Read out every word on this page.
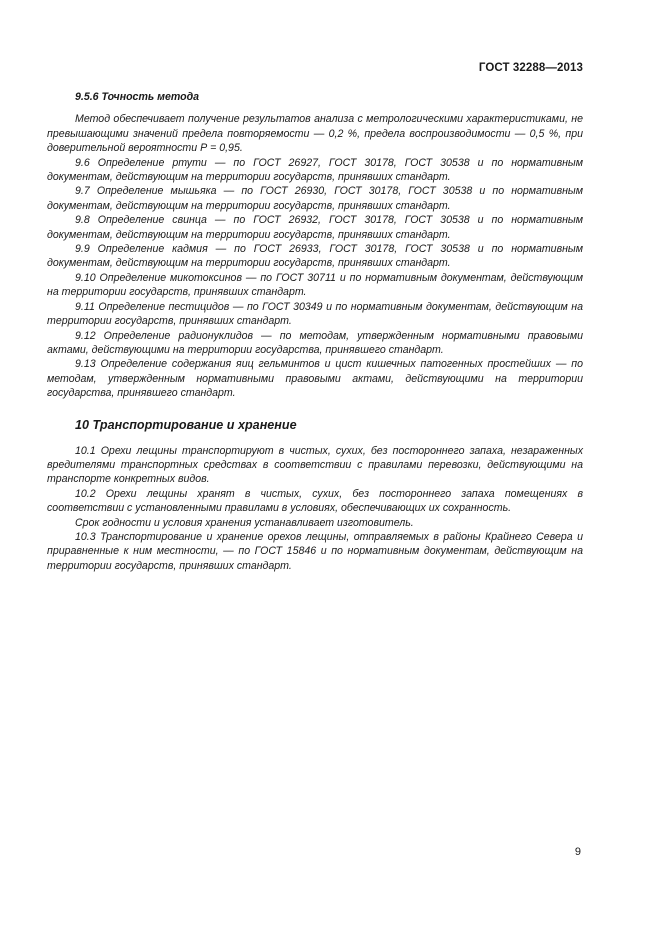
ГОСТ 32288—2013

9.5.6 Точность метода

Метод обеспечивает получение результатов анализа с метрологическими характеристиками, не превышающими значений предела повторяемости — 0,2 %, предела воспроизводимости — 0,5 %, при доверительной вероятности Р = 0,95.

9.6 Определение ртути — по ГОСТ 26927, ГОСТ 30178, ГОСТ 30538 и по нормативным документам, действующим на территории государств, принявших стандарт.

9.7 Определение мышьяка — по ГОСТ 26930, ГОСТ 30178, ГОСТ 30538 и по нормативным документам, действующим на территории государств, принявших стандарт.

9.8 Определение свинца — по ГОСТ 26932, ГОСТ 30178, ГОСТ 30538 и по нормативным документам, действующим на территории государств, принявших стандарт.

9.9 Определение кадмия — по ГОСТ 26933, ГОСТ 30178, ГОСТ 30538 и по нормативным документам, действующим на территории государств, принявших стандарт.

9.10 Определение микотоксинов — по ГОСТ 30711 и по нормативным документам, действующим на территории государств, принявших стандарт.

9.11 Определение пестицидов — по ГОСТ 30349 и по нормативным документам, действующим на территории государств, принявших стандарт.

9.12 Определение радионуклидов — по методам, утвержденным нормативными правовыми актами, действующими на территории государства, принявшего стандарт.

9.13 Определение содержания яиц гельминтов и цист кишечных патогенных простейших — по методам, утвержденным нормативными правовыми актами, действующими на территории государства, принявшего стандарт.

10 Транспортирование и хранение

10.1 Орехи лещины транспортируют в чистых, сухих, без постороннего запаха, незараженных вредителями транспортных средствах в соответствии с правилами перевозки, действующими на транспорте конкретных видов.

10.2 Орехи лещины хранят в чистых, сухих, без постороннего запаха помещениях в соответствии с установленными правилами в условиях, обеспечивающих их сохранность.

Срок годности и условия хранения устанавливает изготовитель.

10.3 Транспортирование и хранение орехов лещины, отправляемых в районы Крайнего Севера и приравненные к ним местности, — по ГОСТ 15846 и по нормативным документам, действующим на территории государств, принявших стандарт.

9
